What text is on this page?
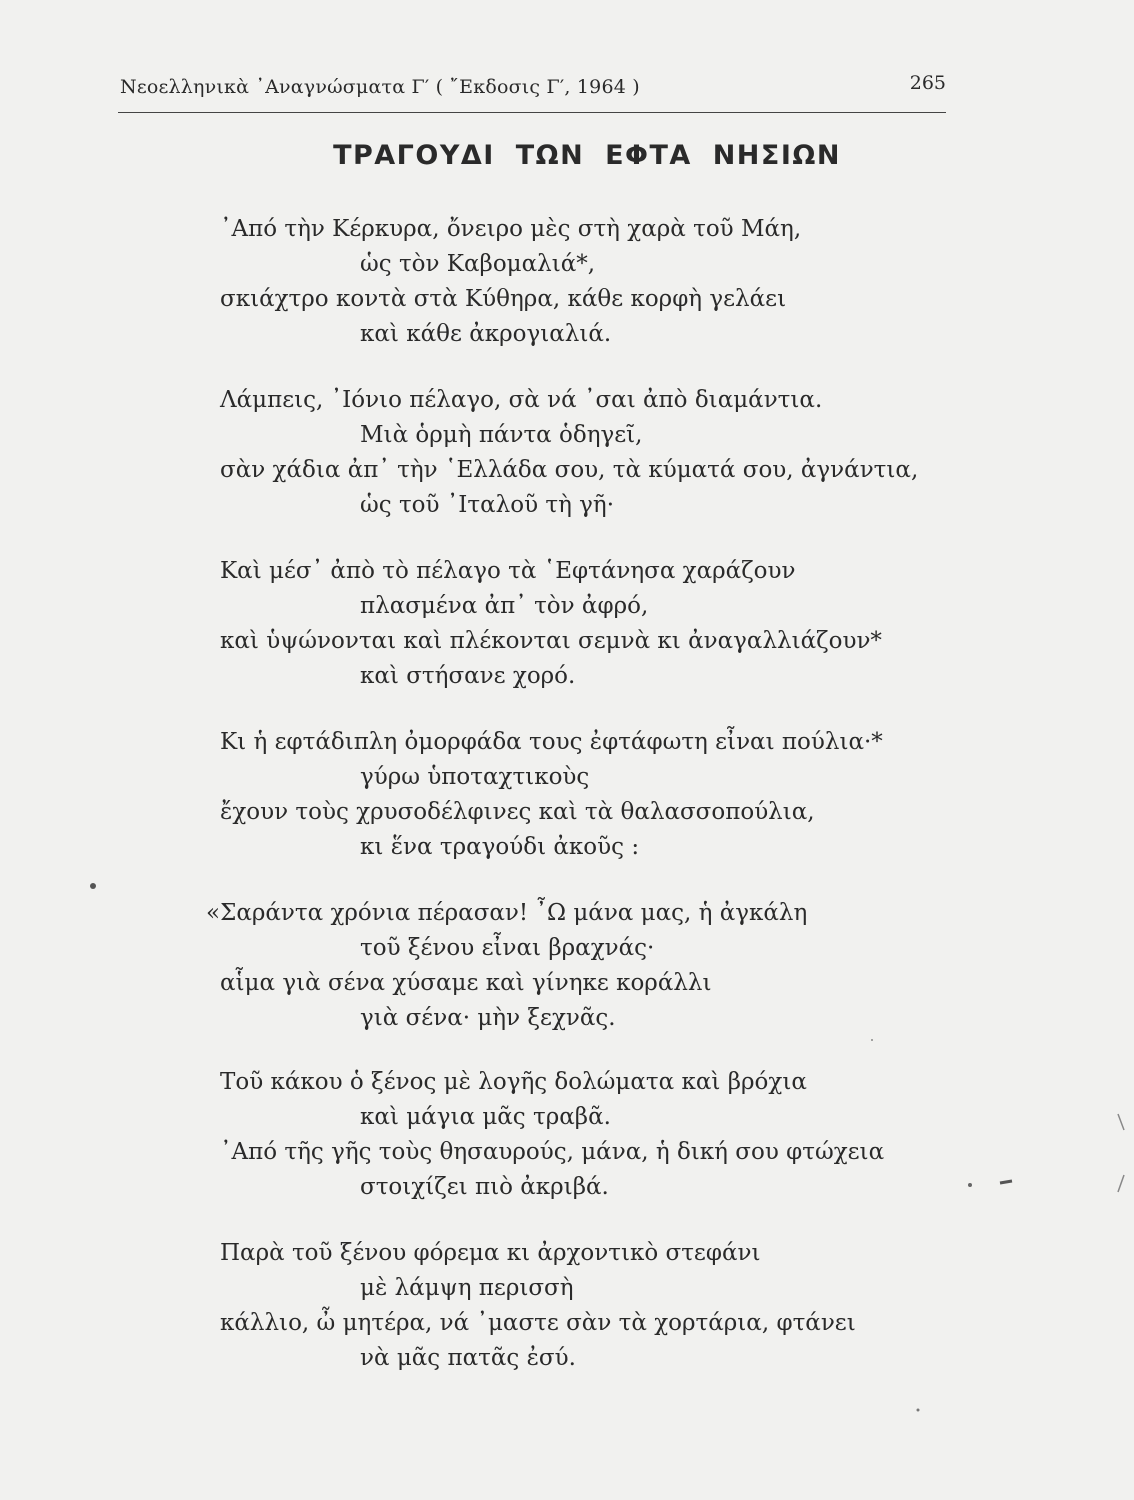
Νεοελληνικὰ ᾽Αναγνώσματα Γ′ ( ῎Εκδοσις Γ′, 1964 )	265
ΤΡΑΓΟΥΔΙ ΤΩΝ ΕΦΤΑ ΝΗΣΙΩΝ
᾽Από τὴν Κέρκυρα, ὄνειρο μὲς στὴ χαρὰ τοῦ Μάη,
ὡς τὸν Καβομαλιά*,
σκιάχτρο κοντὰ στὰ Κύθηρα, κάθε κορφὴ γελάει
καὶ κάθε ἀκρογιαλιά.
Λάμπεις, ᾽Ιόνιο πέλαγο, σὰ νά ᾽σαι ἀπὸ διαμάντια.
Μιὰ ὁρμὴ πάντα ὁδηγεῖ,
σὰν χάδια ἀπ᾽ τὴν ῾Ελλάδα σου, τὰ κύματά σου, ἀγνάντια,
ὡς τοῦ ᾽Ιταλοῦ τὴ γῆ·
Καὶ μέσ᾽ ἀπὸ τὸ πέλαγο τὰ ῾Εφτάνησα χαράζουν
πλασμένα ἀπ᾽ τὸν ἀφρό,
καὶ ὑψώνονται καὶ πλέκονται σεμνὰ κι ἀναγαλλιάζουν*
καὶ στήσανε χορό.
Κι ἡ εφτάδιπλη ὀμορφάδα τους ἐφτάφωτη εἶναι πούλια·*
γύρω ὑποταχτικοὺς
ἔχουν τοὺς χρυσοδέλφινες καὶ τὰ θαλασσοπούλια,
κι ἕνα τραγούδι ἀκοῦς :
«Σαράντα χρόνια πέρασαν! ῏Ω μάνα μας, ἡ ἀγκάλη
τοῦ ξένου εἶναι βραχνάς·
αἷμα γιὰ σένα χύσαμε καὶ γίνηκε κοράλλι
γιὰ σένα· μὴν ξεχνᾶς.
Τοῦ κάκου ὁ ξένος μὲ λογῆς δολώματα καὶ βρόχια
καὶ μάγια μᾶς τραβᾶ.
᾽Από τῆς γῆς τοὺς θησαυρούς, μάνα, ἡ δική σου φτώχεια
στοιχίζει πιὸ ἀκριβά.
Παρὰ τοῦ ξένου φόρεμα κι ἀρχοντικὸ στεφάνι
μὲ λάμψη περισσὴ
κάλλιο, ὦ μητέρα, νά ᾽μαστε σὰν τὰ χορτάρια, φτάνει
νὰ μᾶς πατᾶς ἐσύ.
